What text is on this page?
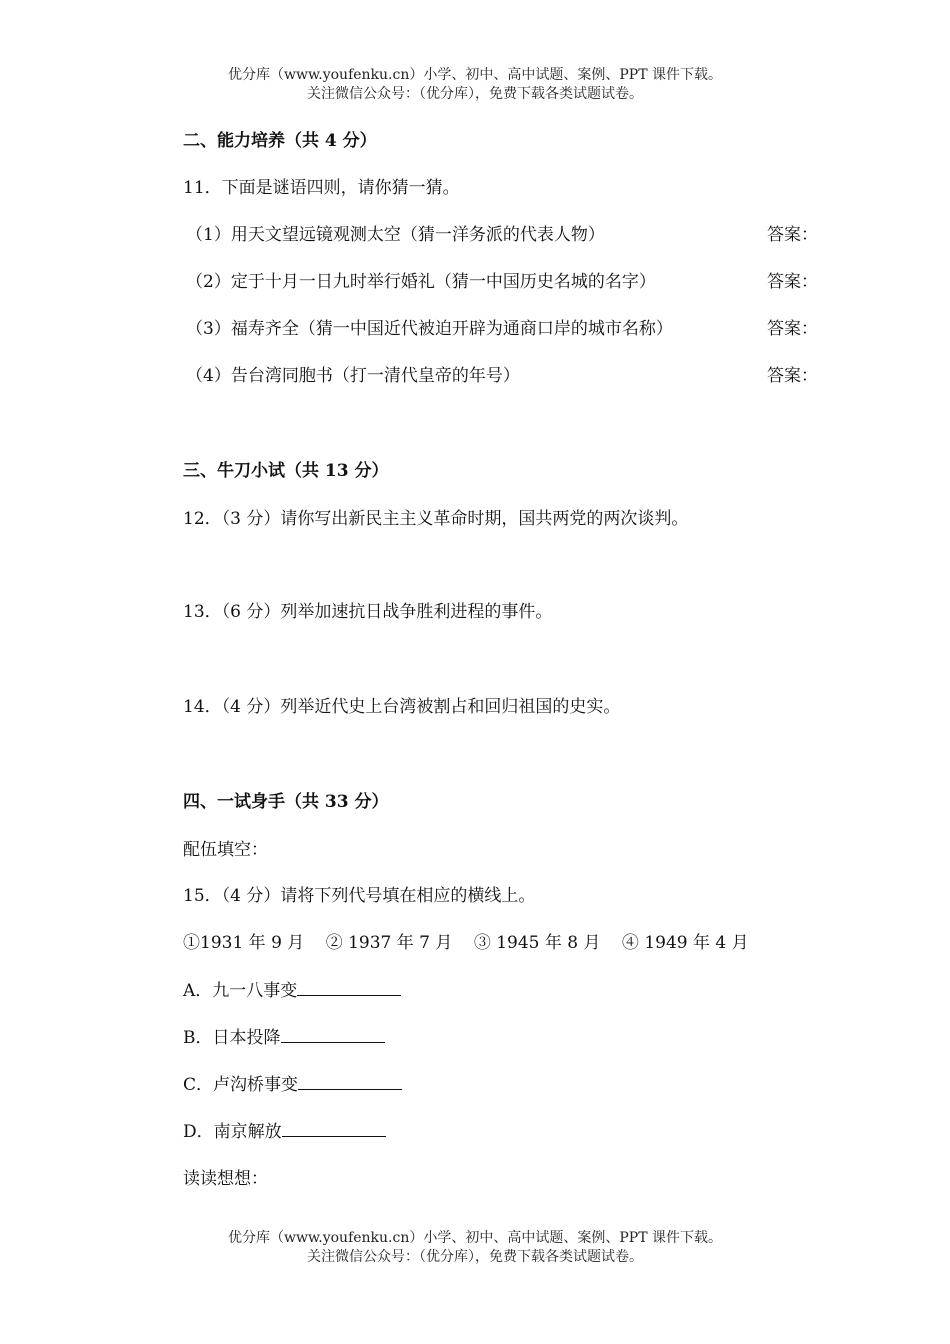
优分库（www.youfenku.cn）小学、初中、高中试题、案例、PPT 课件下载。
关注微信公众号：（优分库），免费下载各类试题试卷。
二、能力培养（共 4 分）
11．下面是谜语四则，请你猜一猜。
（1）用天文望远镜观测太空（猜一洋务派的代表人物）	答案：
（2）定于十月一日九时举行婚礼（猜一中国历史名城的名字）	答案：
（3）福寿齐全（猜一中国近代被迫开辟为通商口岸的城市名称）	答案：
（4）告台湾同胞书（打一清代皇帝的年号）	答案：
三、牛刀小试（共 13 分）
12．（3 分）请你写出新民主主义革命时期，国共两党的两次谈判。
13．（6 分）列举加速抗日战争胜利进程的事件。
14．（4 分）列举近代史上台湾被割占和回归祖国的史实。
四、一试身手（共 33 分）
配伍填空：
15．（4 分）请将下列代号填在相应的横线上。
①1931 年 9 月 ② 1937 年 7 月 ③ 1945 年 8 月 ④ 1949 年 4 月
A．九一八事变
B．日本投降
C．卢沟桥事变
D．南京解放
读读想想：
优分库（www.youfenku.cn）小学、初中、高中试题、案例、PPT 课件下载。
关注微信公众号：（优分库），免费下载各类试题试卷。
